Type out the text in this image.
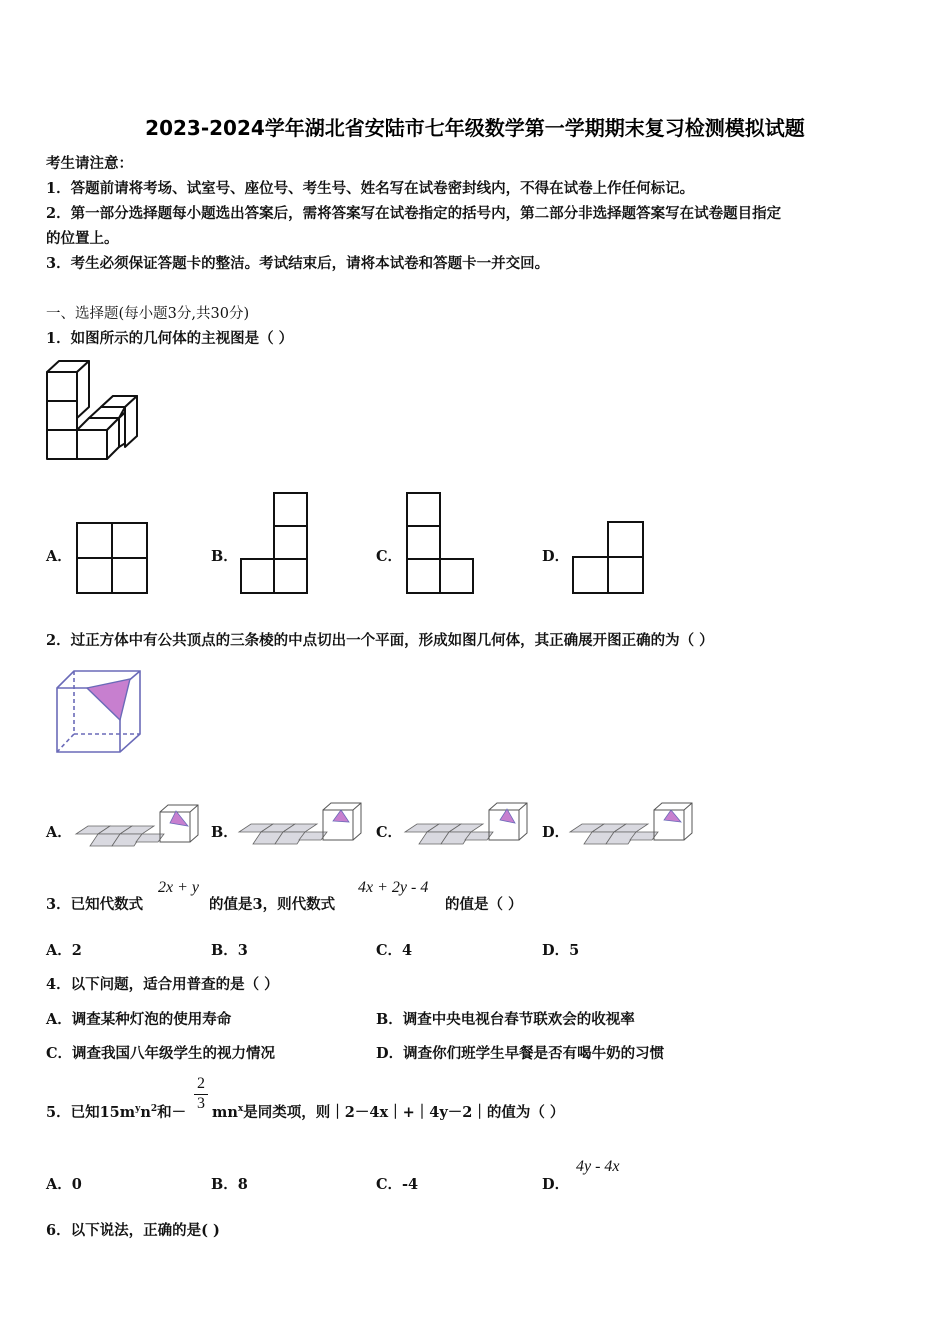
2023-2024学年湖北省安陆市七年级数学第一学期期末复习检测模拟试题
考生请注意：
1．答题前请将考场、试室号、座位号、考生号、姓名写在试卷密封线内，不得在试卷上作任何标记。
2．第一部分选择题每小题选出答案后，需将答案写在试卷指定的括号内，第二部分非选择题答案写在试卷题目指定
的位置上。
3．考生必须保证答题卡的整洁。考试结束后，请将本试卷和答题卡一并交回。
一、选择题(每小题3分,共30分)
1．如图所示的几何体的主视图是（ ）
A．	B．	C．	D．
2．过正方体中有公共顶点的三条棱的中点切出一个平面，形成如图几何体，其正确展开图正确的为（ ）
A．	B．	C．	D．
3．已知代数式
2x + y
的值是3，则代数式
4x + 2y - 4
的值是（ ）
A．2	B．3	C．4	D．5
4．以下问题，适合用普查的是（ ）
A．调查某种灯泡的使用寿命	B．调查中央电视台春节联欢会的收视率
C．调查我国八年级学生的视力情况	D．调查你们班学生早餐是否有喝牛奶的习惯
5．已知$15m^yn^2$和－ $\frac{2}{3} mn^x$是同类项，则｜2－4x｜+｜4y－2｜的值为（ ）
A．0	B．8	C．-4	D．
4y - 4x
6．以下说法，正确的是( )
